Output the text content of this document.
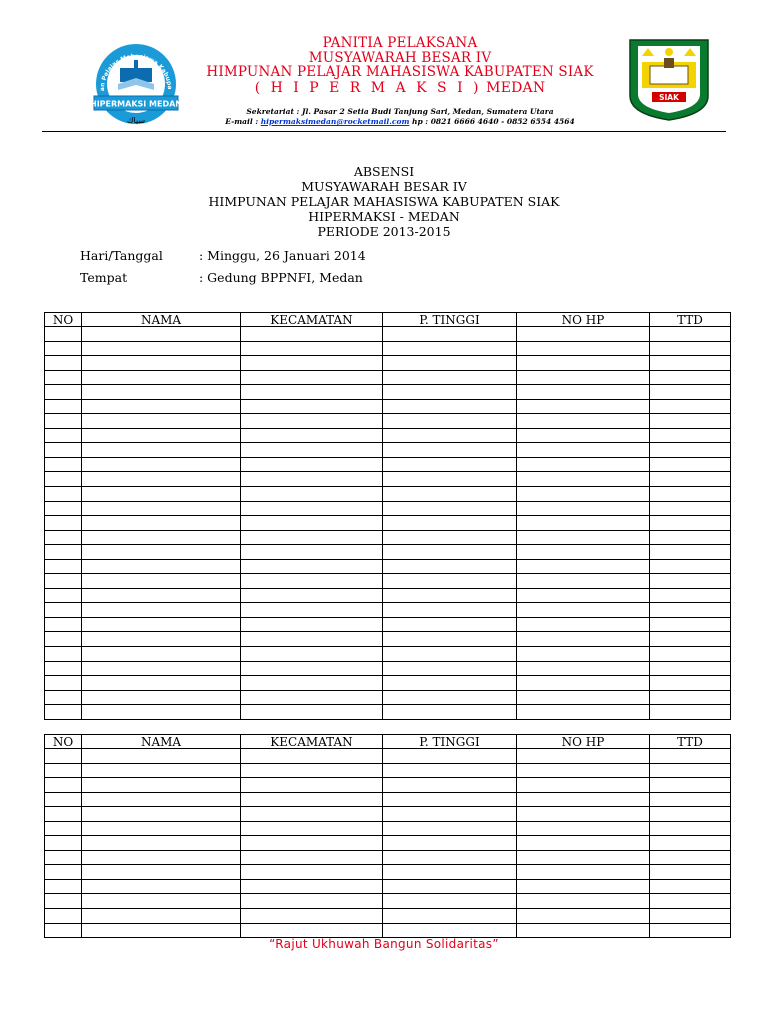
an Pelajar Mahasiswa Kabupa
HIPERMAKSI MEDAN
سياك
PANITIA PELAKSANA
MUSYAWARAH BESAR IV
HIMPUNAN PELAJAR MAHASISWA KABUPATEN SIAK
( H I P E R M A K S I ) MEDAN
Sekretariat : Jl. Pasar 2 Setia Budi Tanjung Sari, Medan, Sumatera Utara
E-mail : hipermaksimedan@rocketmail.com hp : 0821 6666 4640 - 0852 6554 4564
SIAK
ABSENSI
MUSYAWARAH BESAR IV
HIMPUNAN PELAJAR MAHASISWA KABUPATEN SIAK
HIPERMAKSI - MEDAN
PERIODE 2013-2015
Hari/Tanggal	: Minggu, 26 Januari 2014
Tempat	: Gedung BPPNFI, Medan
NO	NAMA	KECAMATAN	P. TINGGI	NO HP	TTD

NO	NAMA	KECAMATAN	P. TINGGI	NO HP	TTD

“Rajut Ukhuwah Bangun Solidaritas”
